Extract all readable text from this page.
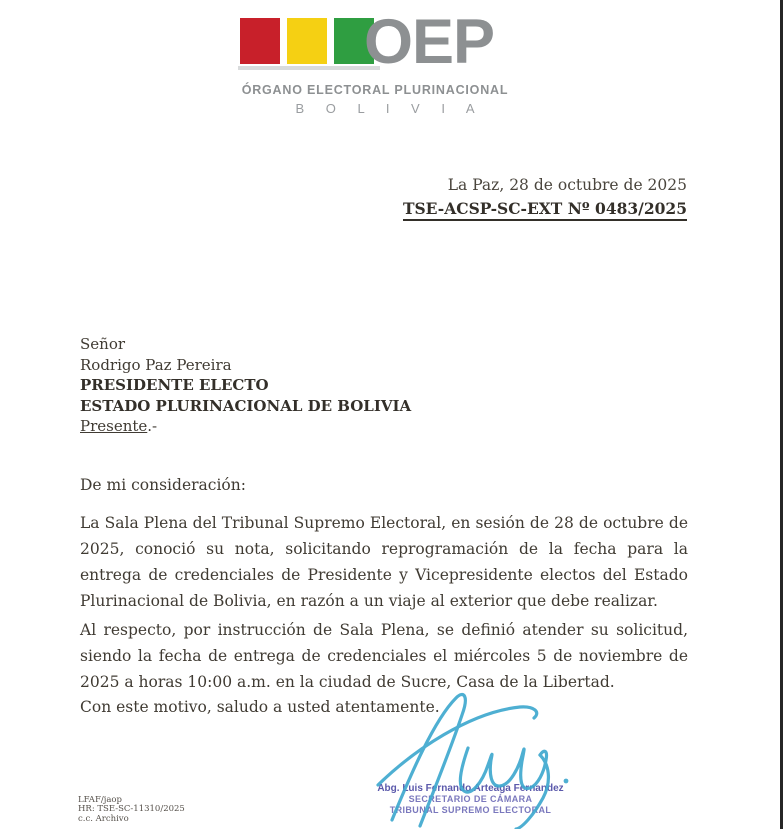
OEP
ÓRGANO ELECTORAL PLURINACIONAL
B O L I V I A
La Paz, 28 de octubre de 2025
TSE-ACSP-SC-EXT Nº 0483/2025
Señor
Rodrigo Paz Pereira
PRESIDENTE ELECTO
ESTADO PLURINACIONAL DE BOLIVIA
Presente.-
De mi consideración:
La Sala Plena del Tribunal Supremo Electoral, en sesión de 28 de octubre de 2025, conoció su nota, solicitando reprogramación de la fecha para la entrega de credenciales de Presidente y Vicepresidente electos del Estado Plurinacional de Bolivia, en razón a un viaje al exterior que debe realizar.
Al respecto, por instrucción de Sala Plena, se definió atender su solicitud, siendo la fecha de entrega de credenciales el miércoles 5 de noviembre de 2025 a horas 10:00 a.m. en la ciudad de Sucre, Casa de la Libertad.
Con este motivo, saludo a usted atentamente.
Abg. Luis Fernando Arteaga Fernandez
SECRETARIO DE CÁMARA
TRIBUNAL SUPREMO ELECTORAL
LFAF/jaop
HR: TSE-SC-11310/2025
c.c. Archivo
